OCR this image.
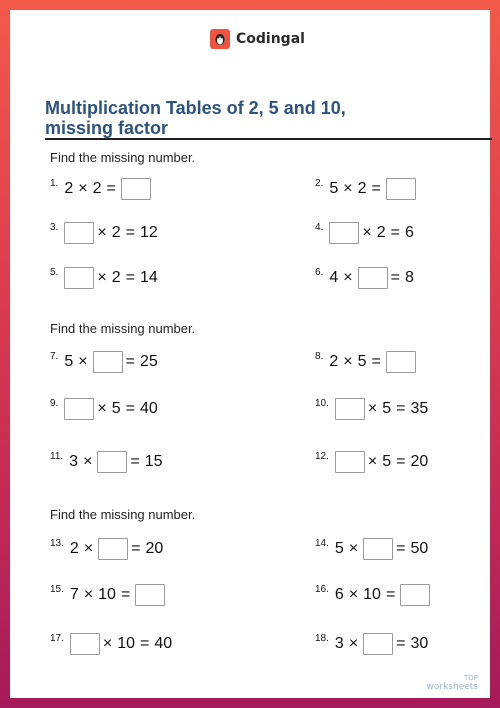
Codingal
Multiplication Tables of 2, 5 and 10,
missing factor
Find the missing number.
Find the missing number.
Find the missing number.
1. 2 × 2 =	2. 5 × 2 =
3. × 2 = 12	4. × 2 = 6
5. × 2 = 14	6. 4 × = 8
7. 5 × = 25	8. 2 × 5 =
9. × 5 = 40	10. × 5 = 35
11. 3 × = 15	12. × 5 = 20
13. 2 × = 20	14. 5 × = 50
15. 7 × 10 =	16. 6 × 10 =
17. × 10 = 40	18. 3 × = 30
TOP
worksheets
